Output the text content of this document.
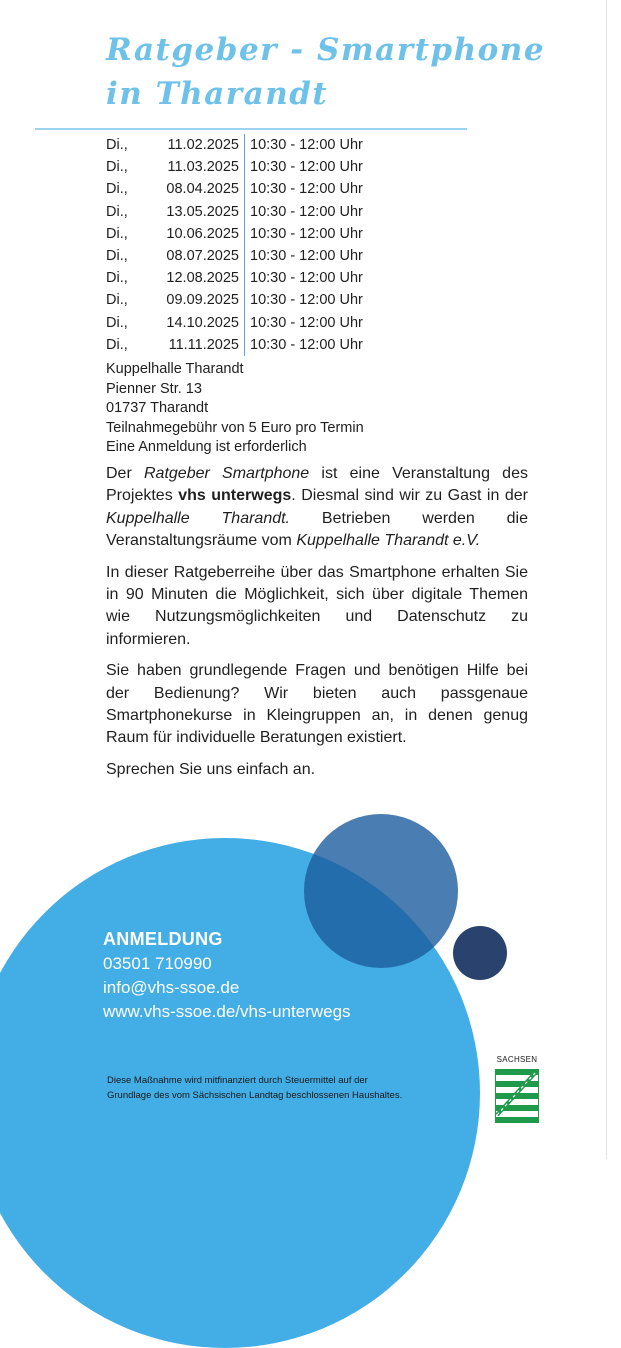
Ratgeber - Smartphone
in Tharandt
Di.,	11.02.2025 10:30 - 12:00 Uhr
Di.,	11.03.2025 10:30 - 12:00 Uhr
Di.,	08.04.2025 10:30 - 12:00 Uhr
Di.,	13.05.2025 10:30 - 12:00 Uhr
Di.,	10.06.2025 10:30 - 12:00 Uhr
Di.,	08.07.2025 10:30 - 12:00 Uhr
Di.,	12.08.2025 10:30 - 12:00 Uhr
Di.,	09.09.2025 10:30 - 12:00 Uhr
Di.,	14.10.2025 10:30 - 12:00 Uhr
Di.,	11.11.2025 10:30 - 12:00 Uhr
Kuppelhalle Tharandt
Pienner Str. 13
01737 Tharandt
Teilnahmegebühr von 5 Euro pro Termin
Eine Anmeldung ist erforderlich

Der Ratgeber Smartphone ist eine Veranstaltung des Projektes vhs unterwegs. Diesmal sind wir zu Gast in der Kuppelhalle Tharandt. Betrieben werden die Veranstaltungsräume vom Kuppelhalle Tharandt e.V.

In dieser Ratgeberreihe über das Smartphone erhalten Sie in 90 Minuten die Möglichkeit, sich über digitale Themen wie Nutzungsmöglichkeiten und Datenschutz zu informieren.

Sie haben grundlegende Fragen und benötigen Hilfe bei der Bedienung? Wir bieten auch passgenaue Smartphonekurse in Kleingruppen an, in denen genug Raum für individuelle Beratungen existiert.

Sprechen Sie uns einfach an.

ANMELDUNG
03501 710990
info@vhs-ssoe.de
www.vhs-ssoe.de/vhs-unterwegs
Diese Maßnahme wird mitfinanziert durch Steuermittel auf der
Grundlage des vom Sächsischen Landtag beschlossenen Haushaltes.
SACHSEN
